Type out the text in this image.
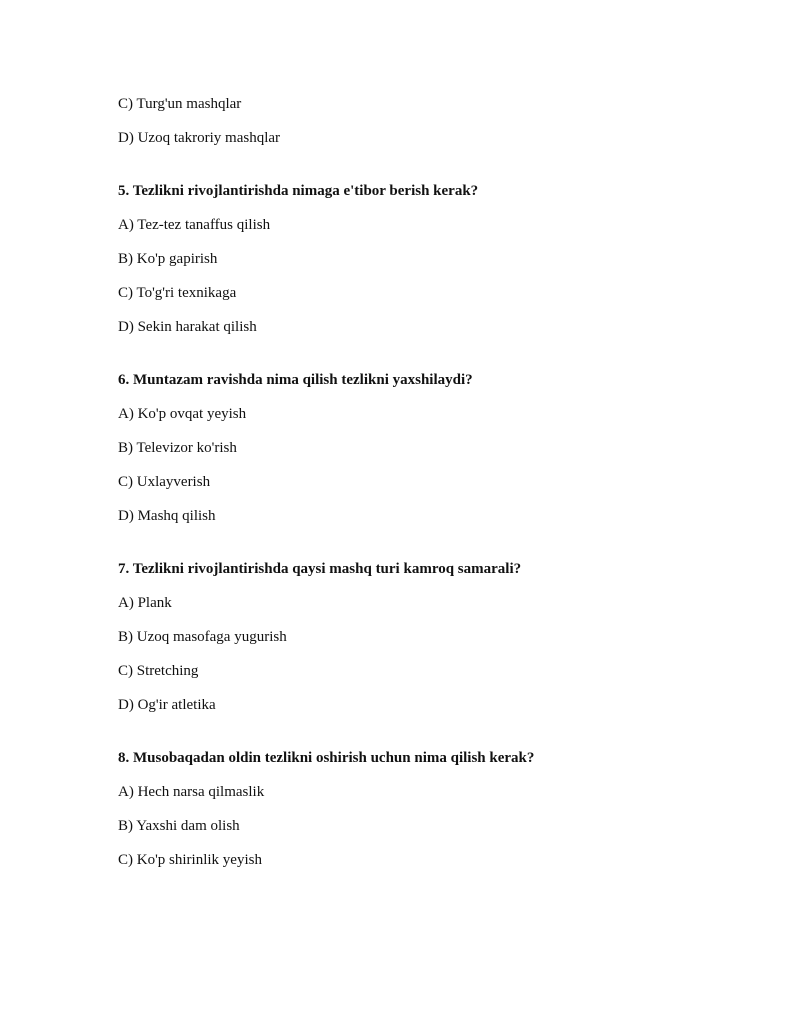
C) Turg'un mashqlar
D) Uzoq takroriy mashqlar
5. Tezlikni rivojlantirishda nimaga e'tibor berish kerak?
A) Tez-tez tanaffus qilish
B) Ko'p gapirish
C) To'g'ri texnikaga
D) Sekin harakat qilish
6. Muntazam ravishda nima qilish tezlikni yaxshilaydi?
A) Ko'p ovqat yeyish
B) Televizor ko'rish
C) Uxlayverish
D) Mashq qilish
7. Tezlikni rivojlantirishda qaysi mashq turi kamroq samarali?
A) Plank
B) Uzoq masofaga yugurish
C) Stretching
D) Og'ir atletika
8. Musobaqadan oldin tezlikni oshirish uchun nima qilish kerak?
A) Hech narsa qilmaslik
B) Yaxshi dam olish
C) Ko'p shirinlik yeyish
